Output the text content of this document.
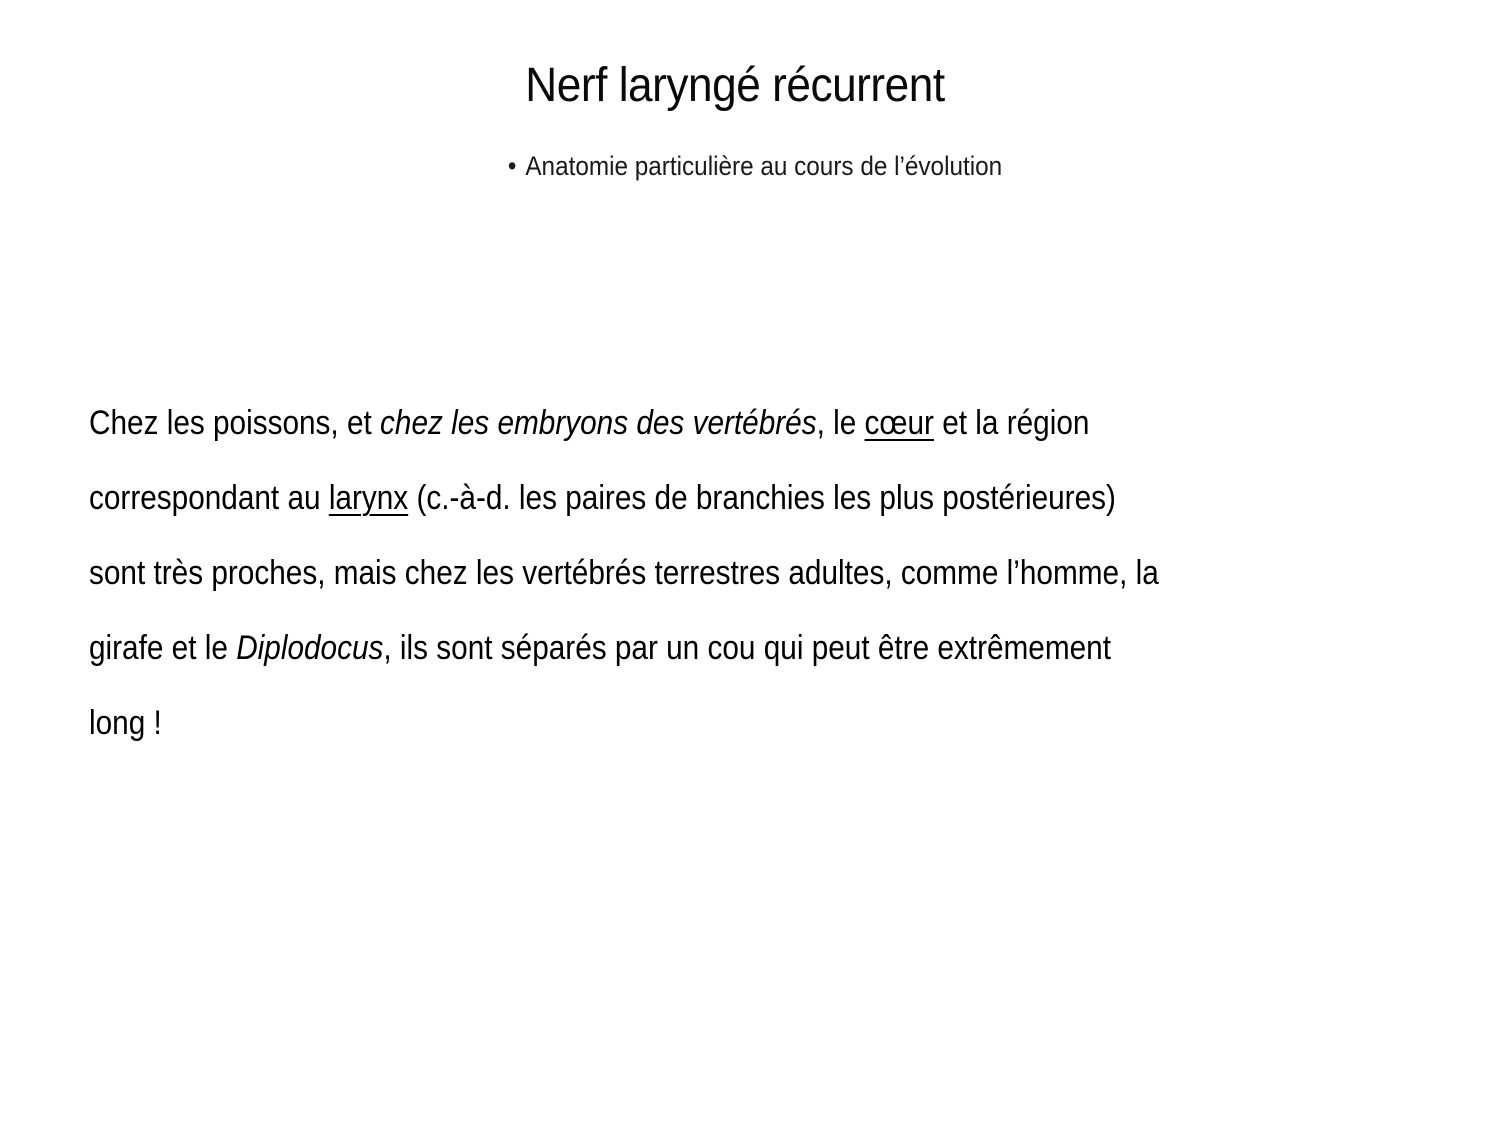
Nerf laryngé récurrent
• Anatomie particulière au cours de l’évolution
Chez les poissons, et chez les embryons des vertébrés, le cœur et la région
correspondant au larynx (c.-à-d. les paires de branchies les plus postérieures)
sont très proches, mais chez les vertébrés terrestres adultes, comme l’homme, la
girafe et le Diplodocus, ils sont séparés par un cou qui peut être extrêmement
long !
